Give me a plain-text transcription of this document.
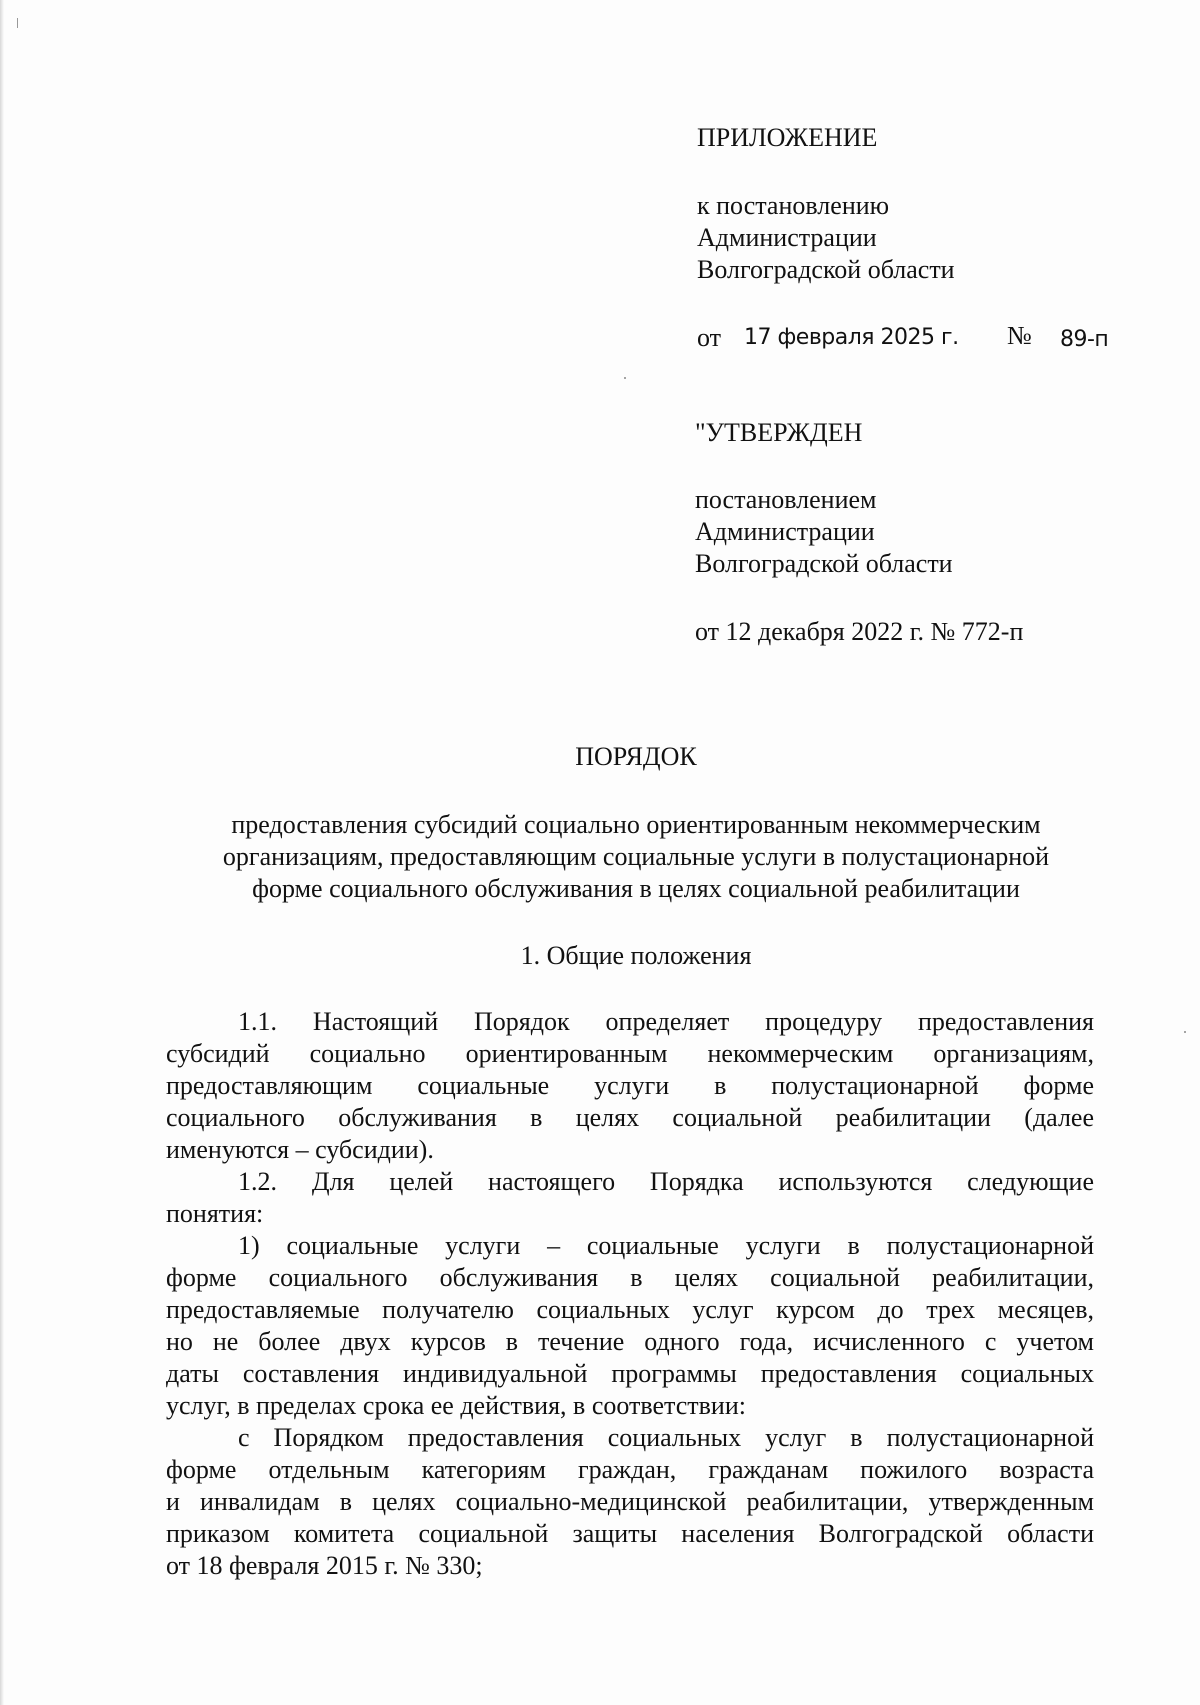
ПРИЛОЖЕНИЕ
к постановлению
Администрации
Волгоградской области
от 17 февраля 2025 г. № 89-п
"УТВЕРЖДЕН
постановлением
Администрации
Волгоградской области
от 12 декабря 2022 г. № 772-п
ПОРЯДОК
предоставления субсидий социально ориентированным некоммерческим
организациям, предоставляющим социальные услуги в полустационарной
форме социального обслуживания в целях социальной реабилитации
1. Общие положения
1.1. Настоящий Порядок определяет процедуру предоставления
субсидий социально ориентированным некоммерческим организациям,
предоставляющим социальные услуги в полустационарной форме
социального обслуживания в целях социальной реабилитации (далее
именуются – субсидии).
1.2. Для целей настоящего Порядка используются следующие
понятия:
1) социальные услуги – социальные услуги в полустационарной
форме социального обслуживания в целях социальной реабилитации,
предоставляемые получателю социальных услуг курсом до трех месяцев,
но не более двух курсов в течение одного года, исчисленного с учетом
даты составления индивидуальной программы предоставления социальных
услуг, в пределах срока ее действия, в соответствии:
с Порядком предоставления социальных услуг в полустационарной
форме отдельным категориям граждан, гражданам пожилого возраста
и инвалидам в целях социально-медицинской реабилитации, утвержденным
приказом комитета социальной защиты населения Волгоградской области
от 18 февраля 2015 г. № 330;
